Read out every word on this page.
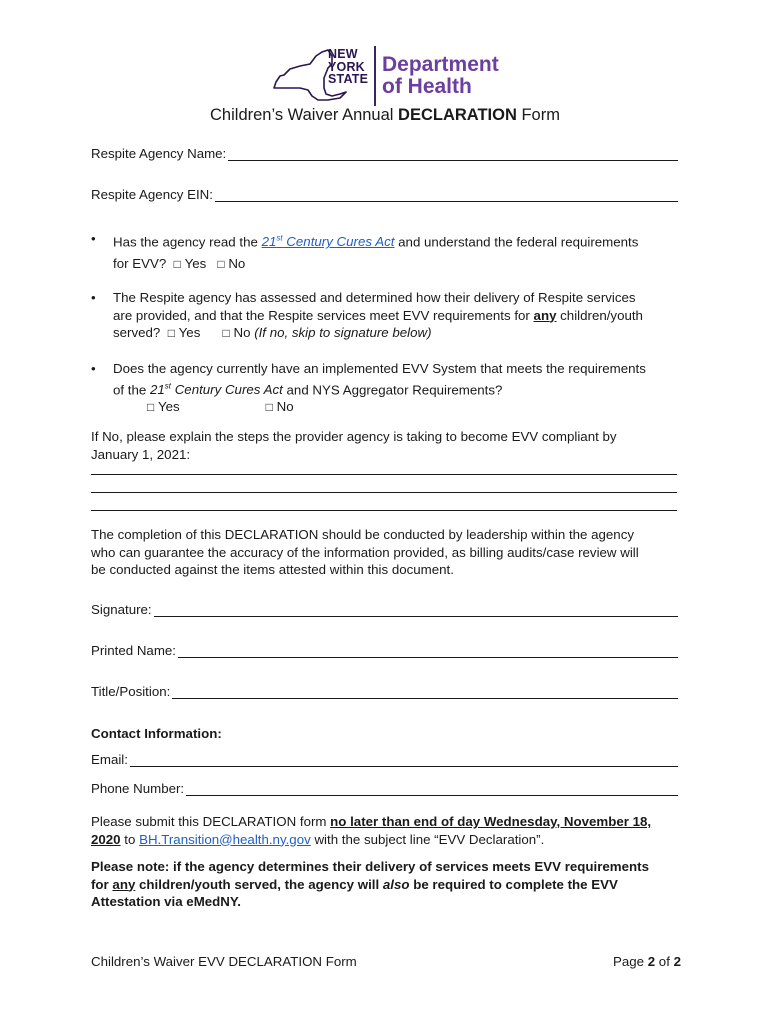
NEW
YORK
STATE
Department
of Health
Children’s Waiver Annual DECLARATION Form
Respite Agency Name:
Respite Agency EIN:
• Has the agency read the 21st Century Cures Act and understand the federal requirements
for EVV? □ Yes □ No
• The Respite agency has assessed and determined how their delivery of Respite services
are provided, and that the Respite services meet EVV requirements for any children/youth
served? □ Yes □ No (If no, skip to signature below)
• Does the agency currently have an implemented EVV System that meets the requirements
of the 21st Century Cures Act and NYS Aggregator Requirements?
□ Yes	□ No
If No, please explain the steps the provider agency is taking to become EVV compliant by
January 1, 2021:
The completion of this DECLARATION should be conducted by leadership within the agency
who can guarantee the accuracy of the information provided, as billing audits/case review will
be conducted against the items attested within this document.
Signature:
Printed Name:
Title/Position:
Contact Information:
Email:
Phone Number:
Please submit this DECLARATION form no later than end of day Wednesday, November 18,
2020 to BH.Transition@health.ny.gov with the subject line “EVV Declaration”.
Please note: if the agency determines their delivery of services meets EVV requirements
for any children/youth served, the agency will also be required to complete the EVV
Attestation via eMedNY.
Children’s Waiver EVV DECLARATION Form	Page 2 of 2
